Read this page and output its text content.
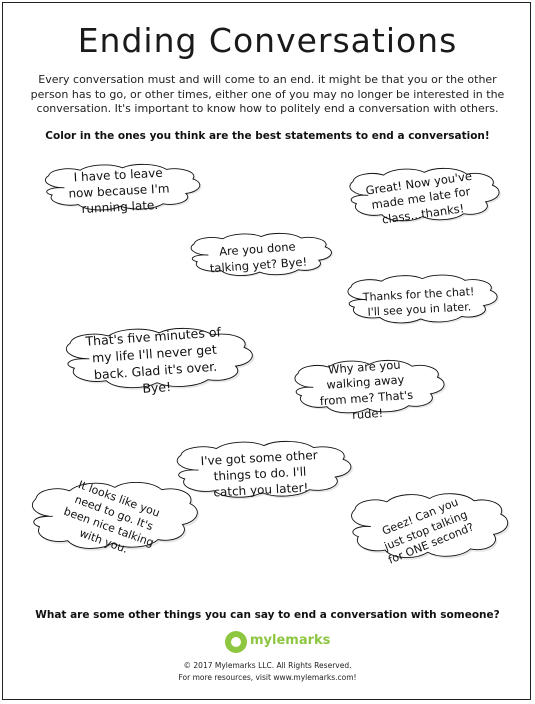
Ending Conversations
Every conversation must and will come to an end. it might be that you or the other person has to go, or other times, either one of you may no longer be interested in the conversation. It's important to know how to politely end a conversation with others.
Color in the ones you think are the best statements to end a conversation!
I have to leave now because I'm running late.
Great! Now you've made me late for class...thanks!
Are you done talking yet? Bye!
Thanks for the chat! I'll see you in later.
That's five minutes of my life I'll never get back. Glad it's over. Bye!
Why are you walking away from me? That's rude!
I've got some other things to do. I'll catch you later!
It looks like you need to go. It's been nice talking with you.
Geez! Can you just stop talking for ONE second?
What are some other things you can say to end a conversation with someone?
mylemarks
© 2017 Mylemarks LLC. All Rights Reserved.
For more resources, visit www.mylemarks.com!
